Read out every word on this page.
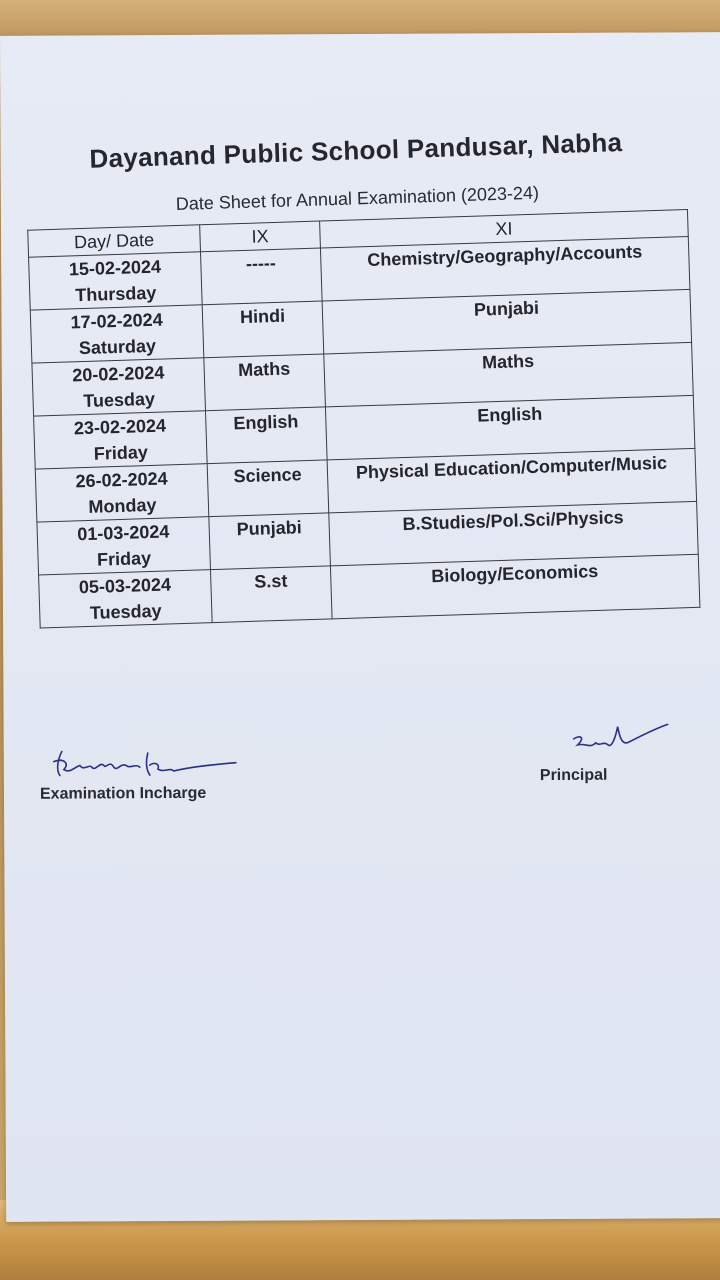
Dayanand Public School Pandusar, Nabha
Date Sheet for Annual Examination (2023-24)
Day/ Date	IX	XI

15-02-2024
Thursday	-----	Chemistry/Geography/Accounts

17-02-2024
Saturday	Hindi	Punjabi

20-02-2024
Tuesday	Maths	Maths

23-02-2024
Friday	English	English

26-02-2024
Monday	Science	Physical Education/Computer/Music

01-03-2024
Friday	Punjabi	B.Studies/Pol.Sci/Physics

05-03-2024
Tuesday	S.st	Biology/Economics
Examination Incharge
Principal
